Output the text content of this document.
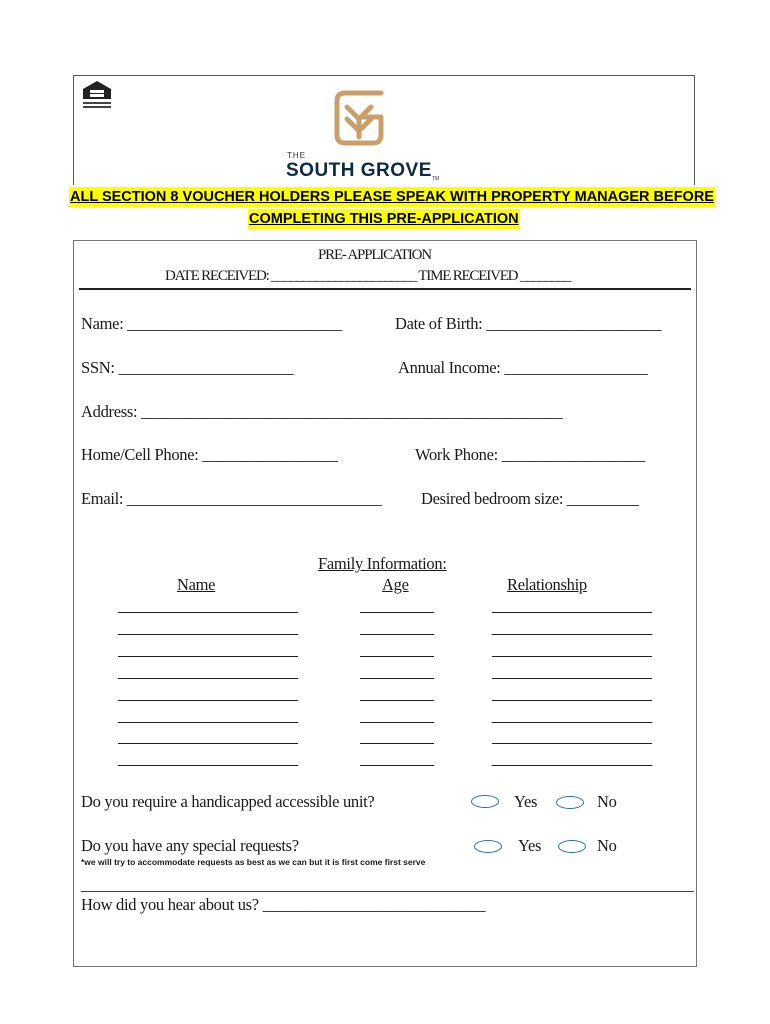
THE
SOUTH GROVE TM
ALL SECTION 8 VOUCHER HOLDERS PLEASE SPEAK WITH PROPERTY MANAGER BEFORE
COMPLETING THIS PRE-APPLICATION
PRE- APPLICATION
DATE RECEIVED: _______________________ TIME RECEIVED ________
Name: ___________________________	Date of Birth: ______________________
SSN: ______________________	Annual Income: __________________
Address: _____________________________________________________
Home/Cell Phone: _________________	Work Phone: __________________
Email: ________________________________ Desired bedroom size: _________
Family Information:
Name	Age	Relationship
Do you require a handicapped accessible unit?	Yes	No
Do you have any special requests?	Yes	No
*we will try to accommodate requests as best as we can but it is first come first serve
_______________________________________________________________________________
How did you hear about us? ____________________________
